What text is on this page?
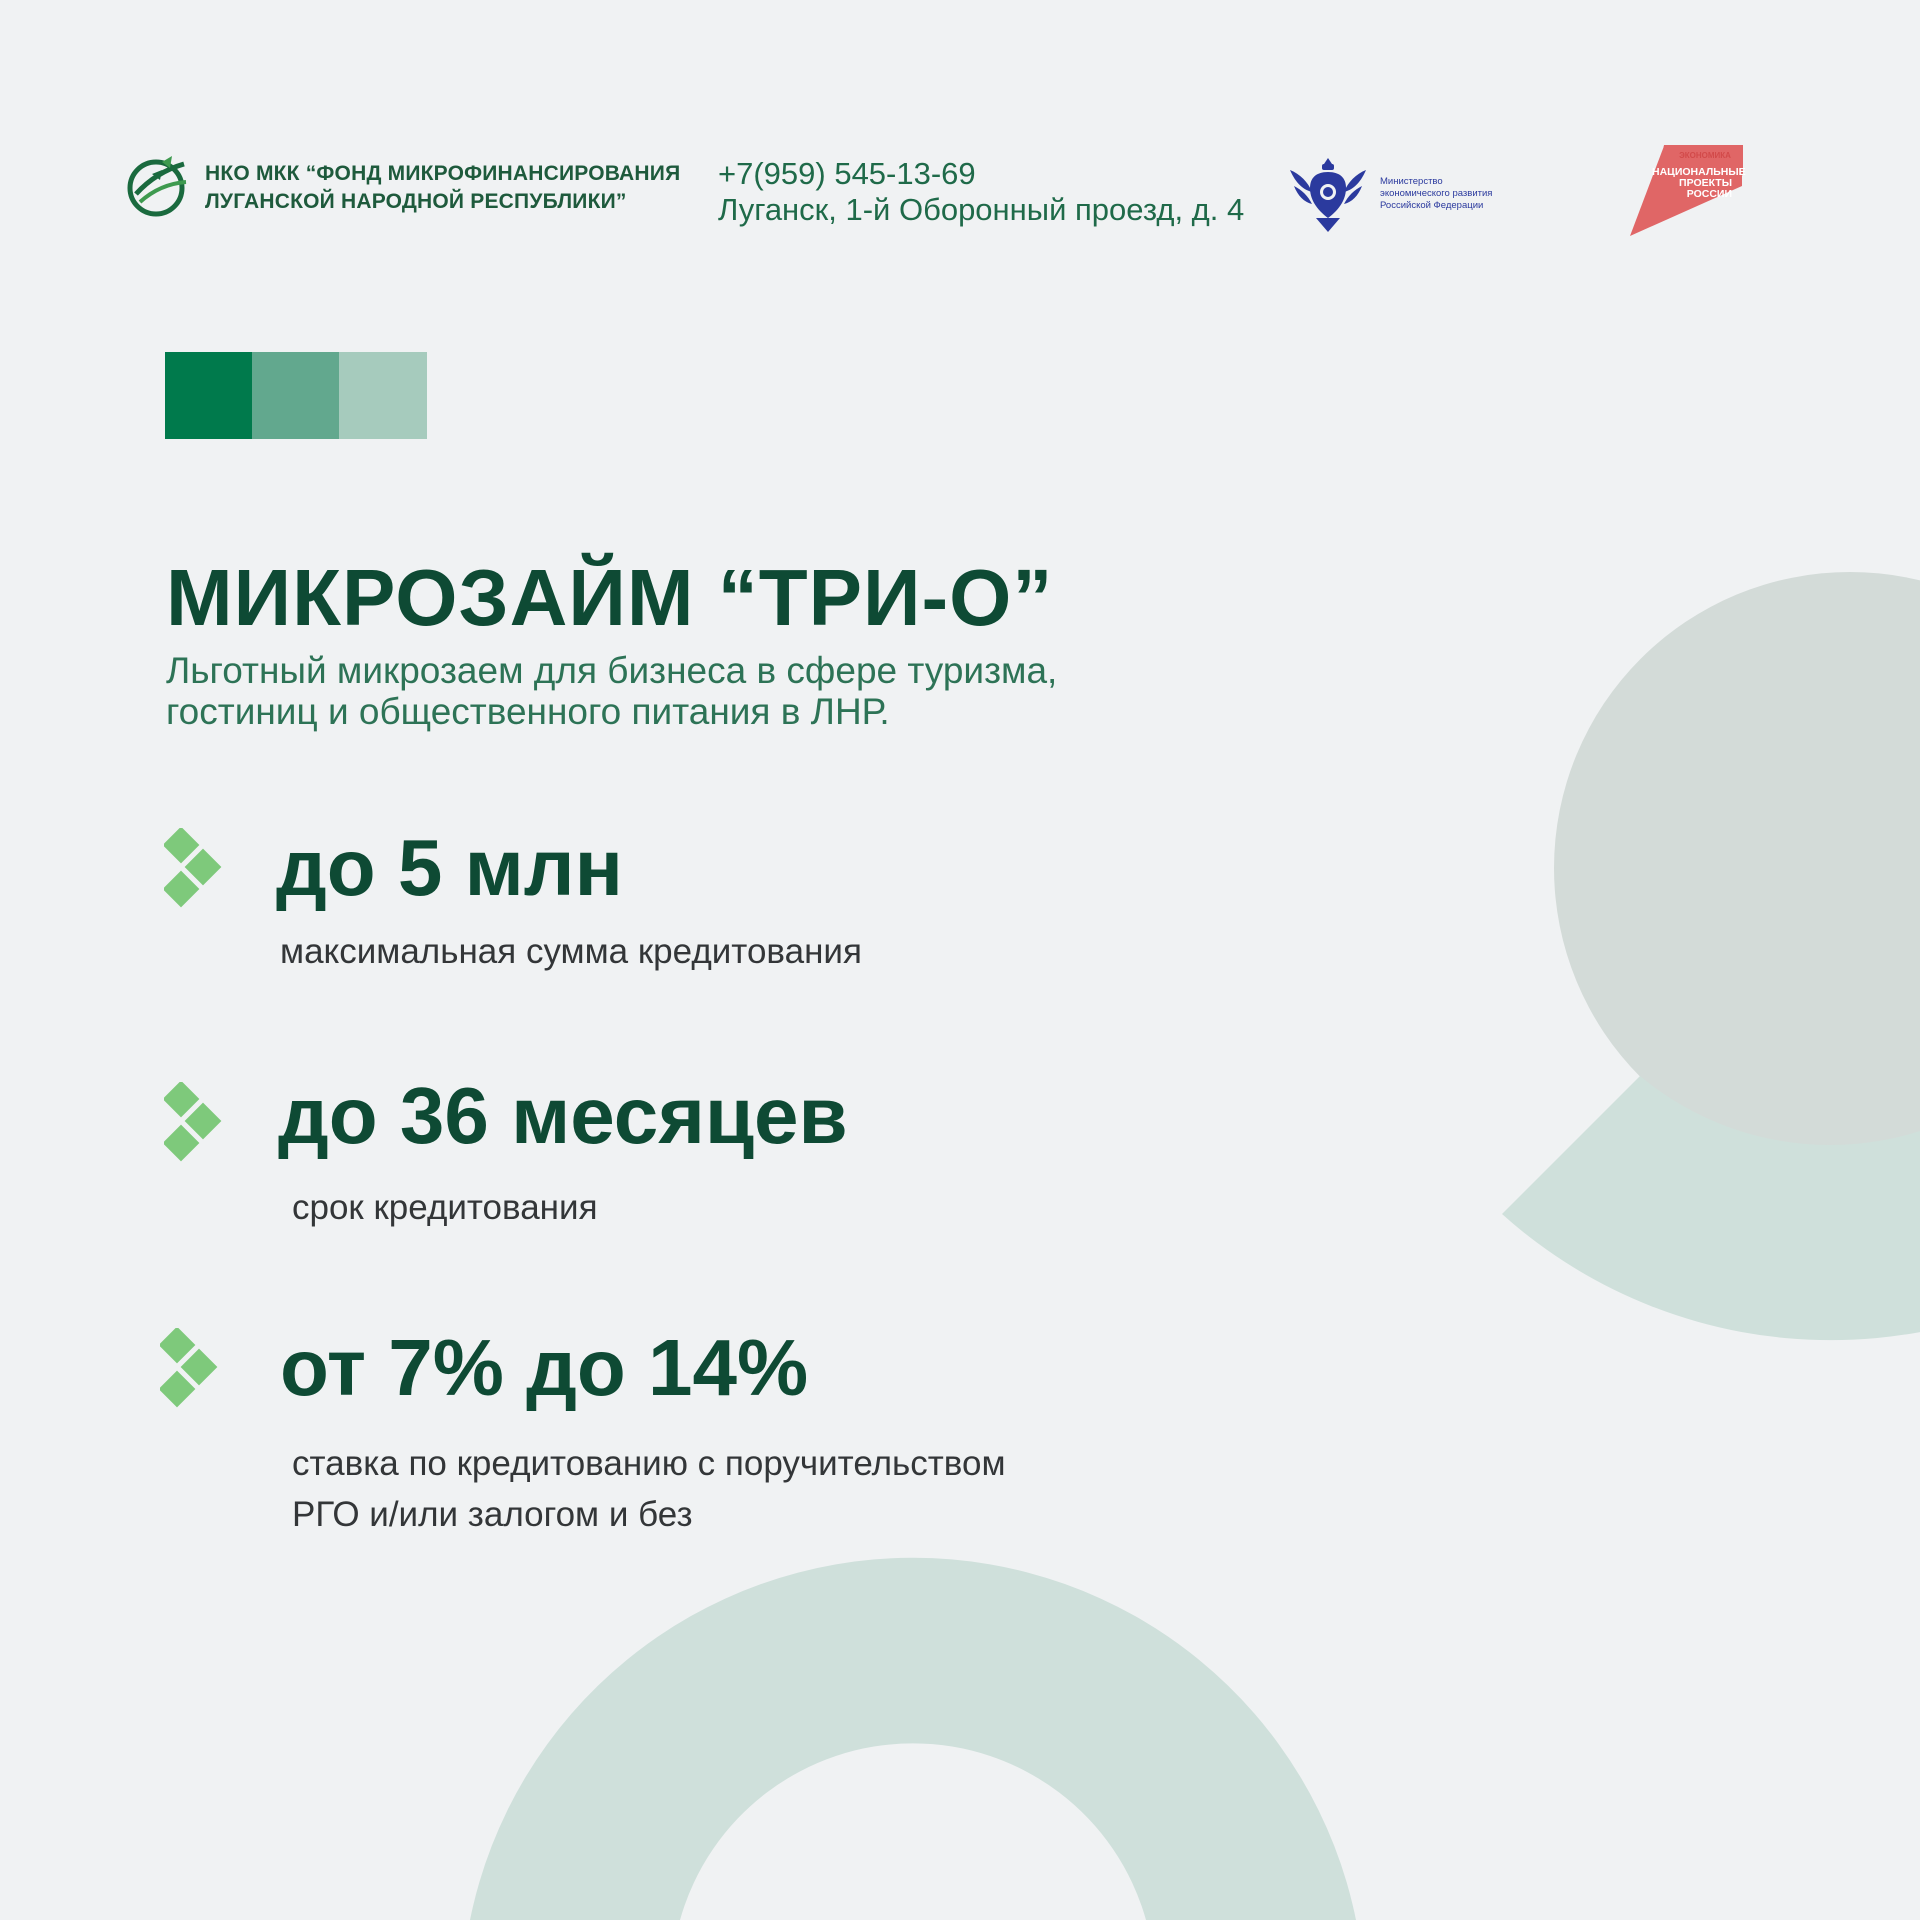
НКО МКК “ФОНД МИКРОФИНАНСИРОВАНИЯ
ЛУГАНСКОЙ НАРОДНОЙ РЕСПУБЛИКИ”
+7(959) 545-13-69
Луганск, 1-й Оборонный проезд, д. 4
Министерство
экономического развития
Российской Федерации
ЭКОНОМИКА
НАЦИОНАЛЬНЫЕ
ПРОЕКТЫ
РОССИИ
МИКРОЗАЙМ “ТРИ-О”
Льготный микрозаем для бизнеса в сфере туризма,
гостиниц и общественного питания в ЛНР.
до 5 млн
максимальная сумма кредитования
до 36 месяцев
срок кредитования
от 7% до 14%
ставка по кредитованию с поручительством
РГО и/или залогом и без
